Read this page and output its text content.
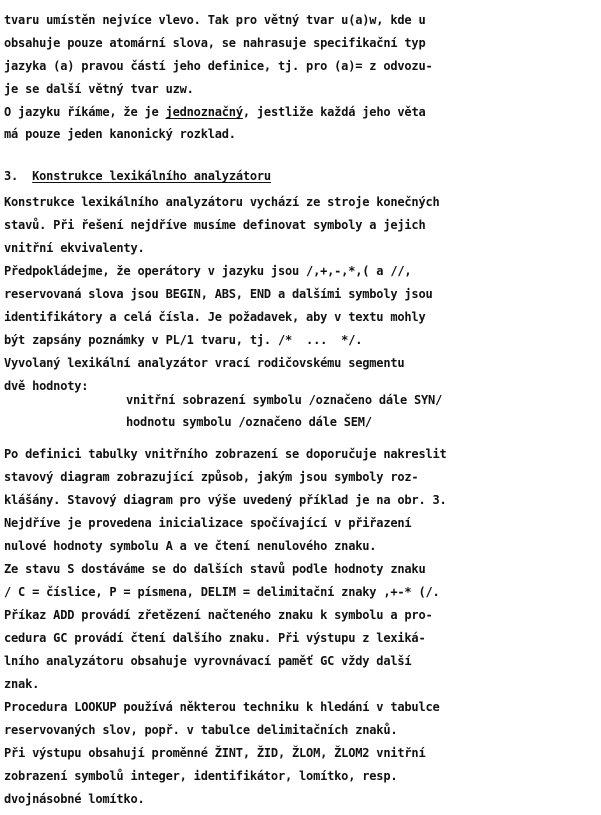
tvaru umístěn nejvíce vlevo. Tak pro větný tvar u(a)w, kde u
obsahuje pouze atomární slova, se nahrasuje specifikační typ
jazyka (a) pravou částí jeho definice, tj. pro (a)= z odvozu-
je se další větný tvar uzw.
O jazyku říkáme, že je jednoznačný, jestliže každá jeho věta
má pouze jeden kanonický rozklad.
3. Konstrukce lexikálního analyzátoru
Konstrukce lexikálního analyzátoru vychází ze stroje konečných
stavů. Při řešení nejdříve musíme definovat symboly a jejich
vnitřní ekvivalenty.
Předpokládejme, že operátory v jazyku jsou /,+,-,*,( a //,
reservovaná slova jsou BEGIN, ABS, END a dalšími symboly jsou
identifikátory a celá čísla. Je požadavek, aby v textu mohly
být zapsány poznámky v PL/1 tvaru, tj. /*  ...  */.
Vyvolaný lexikální analyzátor vrací rodičovskému segmentu
dvě hodnoty:
vnitřní sobrazení symbolu /označeno dále SYN/
hodnotu symbolu /označeno dále SEM/
Po definici tabulky vnitřního zobrazení se doporučuje nakreslit
stavový diagram zobrazující způsob, jakým jsou symboly roz-
klášány. Stavový diagram pro výše uvedený příklad je na obr. 3.
Nejdříve je provedena inicializace spočívající v přiřazení
nulové hodnoty symbolu A a ve čtení nenulového znaku.
Ze stavu S dostáváme se do dalších stavů podle hodnoty znaku
/ C = číslice, P = písmena, DELIM = delimitační znaky ,+-* (/.
Příkaz ADD provádí zřetězení načteného znaku k symbolu a pro-
cedura GC provádí čtení dalšího znaku. Při výstupu z lexiká-
lního analyzátoru obsahuje vyrovnávací paměť GC vždy další
znak.
Procedura LOOKUP používá některou techniku k hledání v tabulce
reservovaných slov, popř. v tabulce delimitačních znaků.
Při výstupu obsahují proměnné ŽINT, ŽID, ŽLOM, ŽLOM2 vnitřní
zobrazení symbolů integer, identifikátor, lomítko, resp.
dvojnásobné lomítko.
